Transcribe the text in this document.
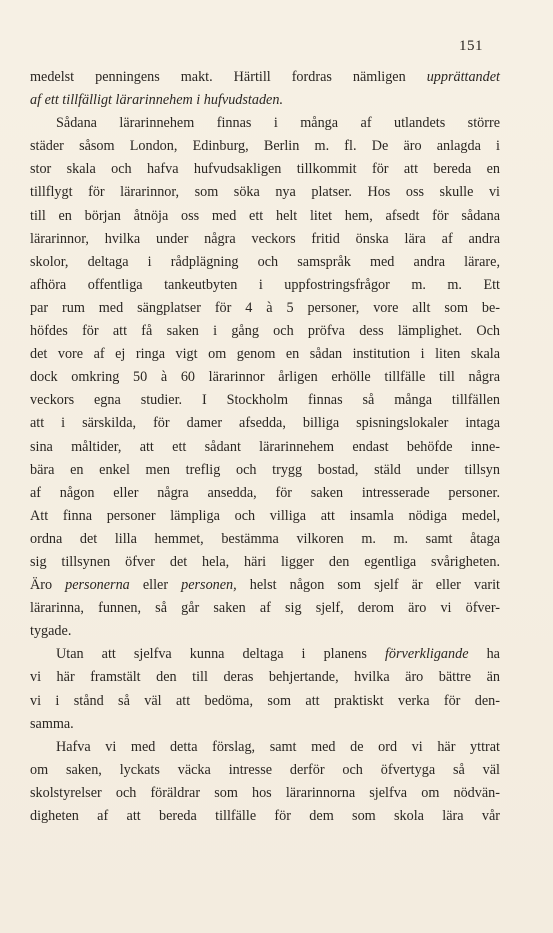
151
medelst penningens makt. Härtill fordras nämligen upprättandet
af ett tillfälligt lärarinnehem i hufvudstaden.
Sådana lärarinnehem finnas i många af utlandets större
städer såsom London, Edinburg, Berlin m. fl. De äro anlagda i
stor skala och hafva hufvudsakligen tillkommit för att bereda en
tillflygt för lärarinnor, som söka nya platser. Hos oss skulle vi
till en början åtnöja oss med ett helt litet hem, afsedt för sådana
lärarinnor, hvilka under några veckors fritid önska lära af andra
skolor, deltaga i rådplägning och samspråk med andra lärare,
afhöra offentliga tankeutbyten i uppfostringsfrågor m. m. Ett
par rum med sängplatser för 4 à 5 personer, vore allt som be-
höfdes för att få saken i gång och pröfva dess lämplighet. Och
det vore af ej ringa vigt om genom en sådan institution i liten skala
dock omkring 50 à 60 lärarinnor årligen erhölle tillfälle till några
veckors egna studier. I Stockholm finnas så många tillfällen
att i särskilda, för damer afsedda, billiga spisningslokaler intaga
sina måltider, att ett sådant lärarinnehem endast behöfde inne-
bära en enkel men treflig och trygg bostad, stäld under tillsyn
af någon eller några ansedda, för saken intresserade personer.
Att finna personer lämpliga och villiga att insamla nödiga medel,
ordna det lilla hemmet, bestämma vilkoren m. m. samt åtaga
sig tillsynen öfver det hela, häri ligger den egentliga svårigheten.
Äro personerna eller personen, helst någon som sjelf är eller varit
lärarinna, funnen, så går saken af sig sjelf, derom äro vi öfver-
tygade.
Utan att sjelfva kunna deltaga i planens förverkligande ha
vi här framstält den till deras behjertande, hvilka äro bättre än
vi i stånd så väl att bedöma, som att praktiskt verka för den-
samma.
Hafva vi med detta förslag, samt med de ord vi här yttrat
om saken, lyckats väcka intresse derför och öfvertyga så väl
skolstyrelser och föräldrar som hos lärarinnorna sjelfva om nödvän-
digheten af att bereda tillfälle för dem som skola lära vår
